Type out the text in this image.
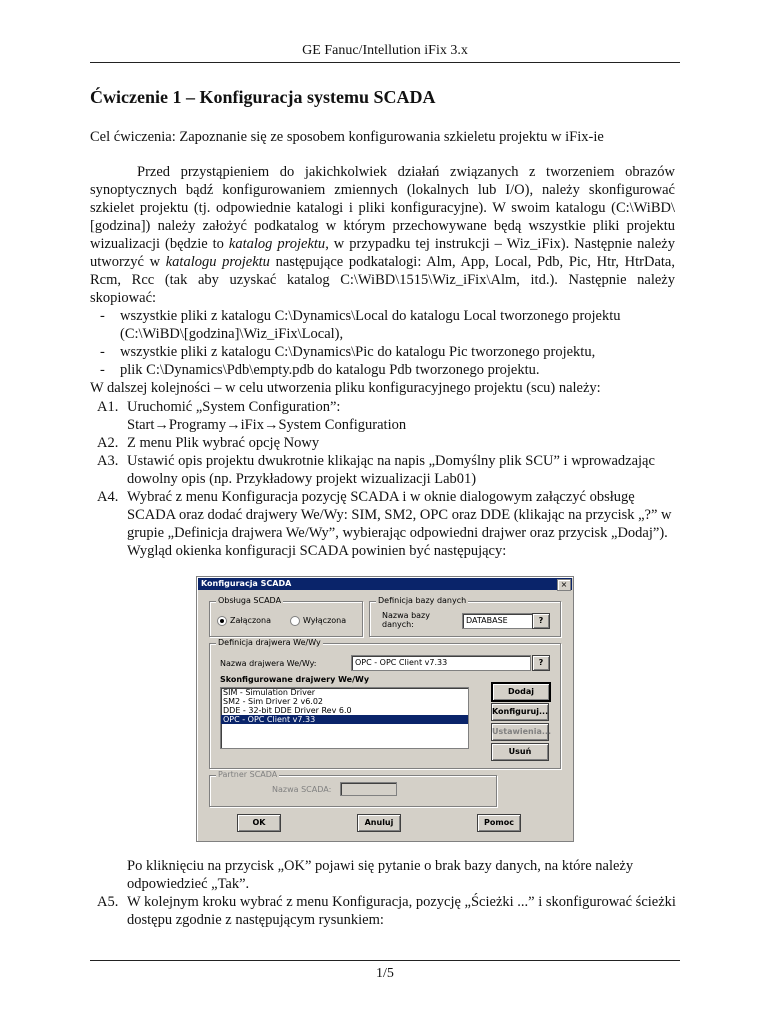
GE Fanuc/Intellution iFix 3.x
Ćwiczenie 1 – Konfiguracja systemu SCADA
Cel ćwiczenia: Zapoznanie się ze sposobem konfigurowania szkieletu projektu w iFix-ie

Przed przystąpieniem do jakichkolwiek działań związanych z tworzeniem obrazów synoptycznych bądź konfigurowaniem zmiennych (lokalnych lub I/O), należy skonfigurować szkielet projektu (tj. odpowiednie katalogi i pliki konfiguracyjne). W swoim katalogu (C:\WiBD\[godzina]) należy założyć podkatalog w którym przechowywane będą wszystkie pliki projektu wizualizacji (będzie to katalog projektu, w przypadku tej instrukcji – Wiz_iFix). Następnie należy utworzyć w katalogu projektu następujące podkatalogi: Alm, App, Local, Pdb, Pic, Htr, HtrData, Rcm, Rcc (tak aby uzyskać katalog C:\WiBD\1515\Wiz_iFix\Alm, itd.). Następnie należy skopiować:

-	wszystkie pliki z katalogu C:\Dynamics\Local do katalogu Local tworzonego projektu (C:\WiBD\[godzina]\Wiz_iFix\Local),
-	wszystkie pliki z katalogu C:\Dynamics\Pic do katalogu Pic tworzonego projektu,
-	plik C:\Dynamics\Pdb\empty.pdb do katalogu Pdb tworzonego projektu.
W dalszej kolejności – w celu utworzenia pliku konfiguracyjnego projektu (scu) należy:
A1. Uruchomić „System Configuration”:
Start→Programy→iFix→System Configuration
A2. Z menu Plik wybrać opcję Nowy
A3. Ustawić opis projektu dwukrotnie klikając na napis „Domyślny plik SCU” i wprowadzając dowolny opis (np. Przykładowy projekt wizualizacji Lab01)
A4. Wybrać z menu Konfiguracja pozycję SCADA i w oknie dialogowym załączyć obsługę SCADA oraz dodać drajwery We/Wy: SIM, SM2, OPC oraz DDE (klikając na przycisk „?” w grupie „Definicja drajwera We/Wy”, wybierając odpowiedni drajwer oraz przycisk „Dodaj”). Wygląd okienka konfiguracji SCADA powinien być następujący:
Konfiguracja SCADA	×
Obsługa SCADA
Załączona	Wyłączona
Definicja bazy danych
Nazwa bazy danych:	DATABASE	?
Definicja drajwera We/Wy
Nazwa drajwera We/Wy:	OPC - OPC Client v7.33	?
Skonfigurowane drajwery We/Wy
SIM - Simulation Driver
SM2 - Sim Driver 2 v6.02
DDE - 32-bit DDE Driver Rev 6.0
OPC - OPC Client v7.33
Dodaj
Konfiguruj...
Ustawienia...
Usuń
Partner SCADA
Nazwa SCADA:
OK	Anuluj	Pomoc
Po kliknięciu na przycisk „OK” pojawi się pytanie o brak bazy danych, na które należy odpowiedzieć „Tak”.
A5. W kolejnym kroku wybrać z menu Konfiguracja, pozycję „Ścieżki ...” i skonfigurować ścieżki dostępu zgodnie z następującym rysunkiem:
1/5
